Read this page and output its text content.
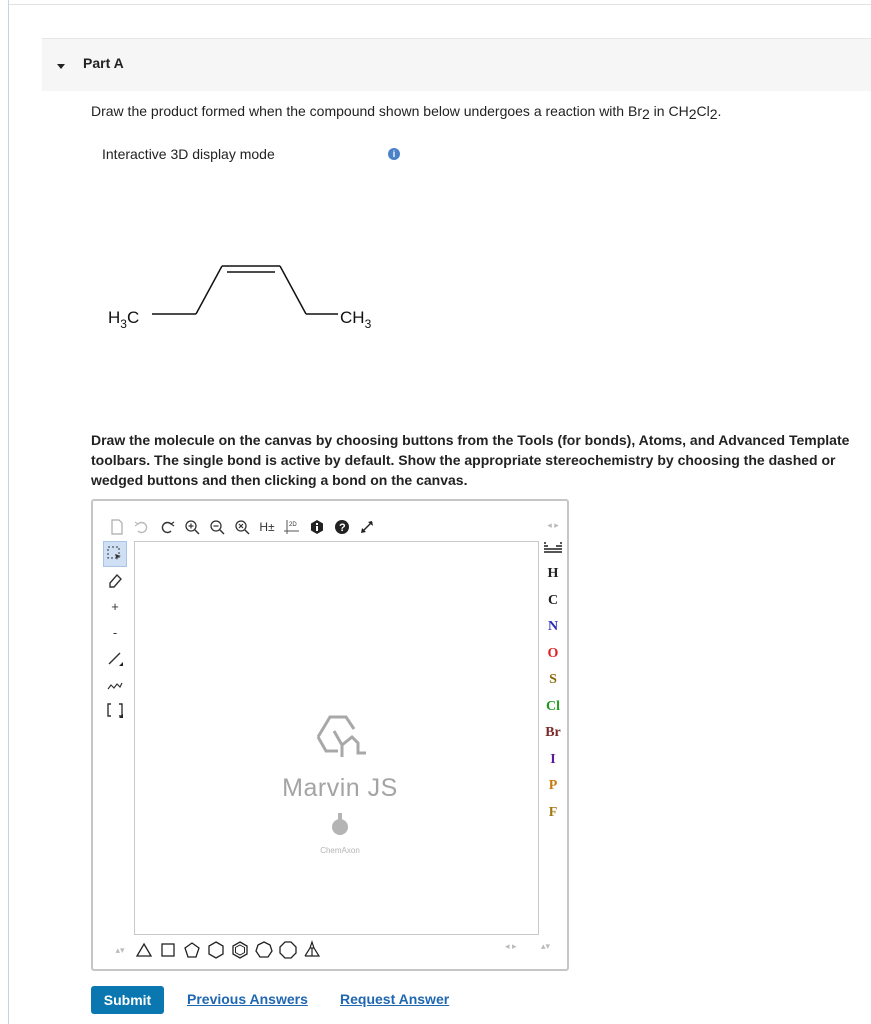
Part A
Draw the product formed when the compound shown below undergoes a reaction with $Br_2$ in $CH_2Cl_2$.
Interactive 3D display mode	i
$H_3C$	$CH_3$
Draw the molecule on the canvas by choosing buttons from the Tools (for bonds), Atoms, and Advanced Template toolbars. The single bond is active by default. Show the appropriate stereochemistry by choosing the dashed or wedged buttons and then clicking a bond on the canvas.
H±	2D	?
+
-
Marvin JS
ChemAxon
◂ ▸
H
C
N
O
S
Cl
Br
I
P
F
▴▾	◂ ▸	▴▾
Submit	Previous Answers Request Answer
